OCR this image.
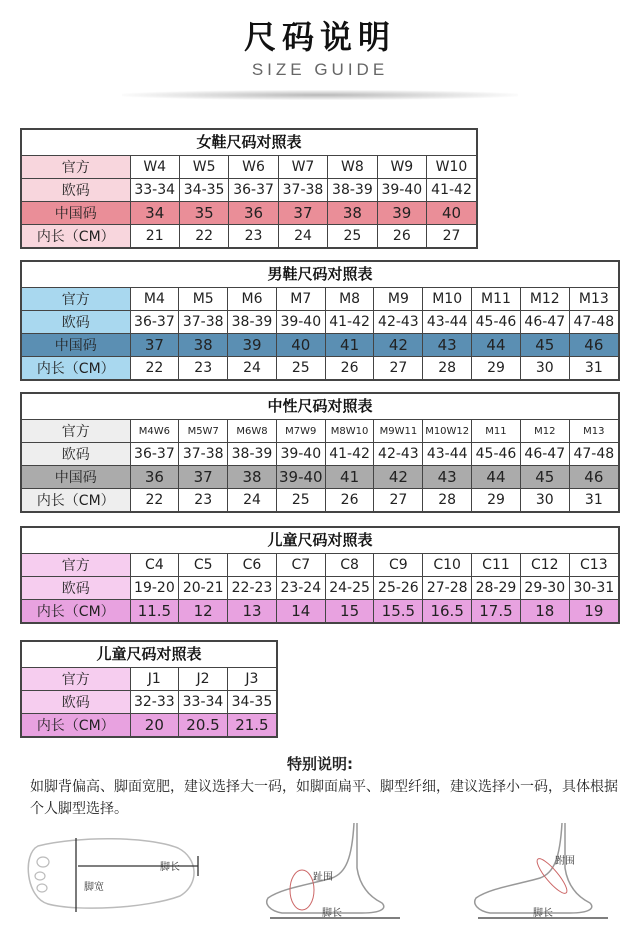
尺码说明
SIZE GUIDE
女鞋尺码对照表
官方	W4	W5	W6	W7	W8	W9	W10
欧码	33-34	34-35	36-37	37-38	38-39	39-40	41-42
中国码	34	35	36	37	38	39	40
内长（CM）	21	22	23	24	25	26	27
男鞋尺码对照表
官方	M4	M5	M6	M7	M8	M9	M10	M11	M12	M13
欧码	36-37	37-38	38-39	39-40	41-42	42-43	43-44	45-46	46-47	47-48
中国码	37	38	39	40	41	42	43	44	45	46
内长（CM）	22	23	24	25	26	27	28	29	30	31
中性尺码对照表
官方	M4W6	M5W7	M6W8	M7W9	M8W10	M9W11	M10W12	M11	M12	M13
欧码	36-37	37-38	38-39	39-40	41-42	42-43	43-44	45-46	46-47	47-48
中国码	36	37	38	39-40	41	42	43	44	45	46
内长（CM）	22	23	24	25	26	27	28	29	30	31
儿童尺码对照表
官方	C4	C5	C6	C7	C8	C9	C10	C11	C12	C13
欧码	19-20	20-21	22-23	23-24	24-25	25-26	27-28	28-29	29-30	30-31
内长（CM）	11.5	12	13	14	15	15.5	16.5	17.5	18	19
儿童尺码对照表
官方	J1	J2	J3
欧码	32-33	33-34	34-35
内长（CM）	20	20.5	21.5
特别说明:
如脚背偏高、脚面宽肥，建议选择大一码，如脚面扁平、脚型纤细，建议选择小一码，具体根据个人脚型选择。
脚宽
脚长
趾围
脚长
跗围
脚长
